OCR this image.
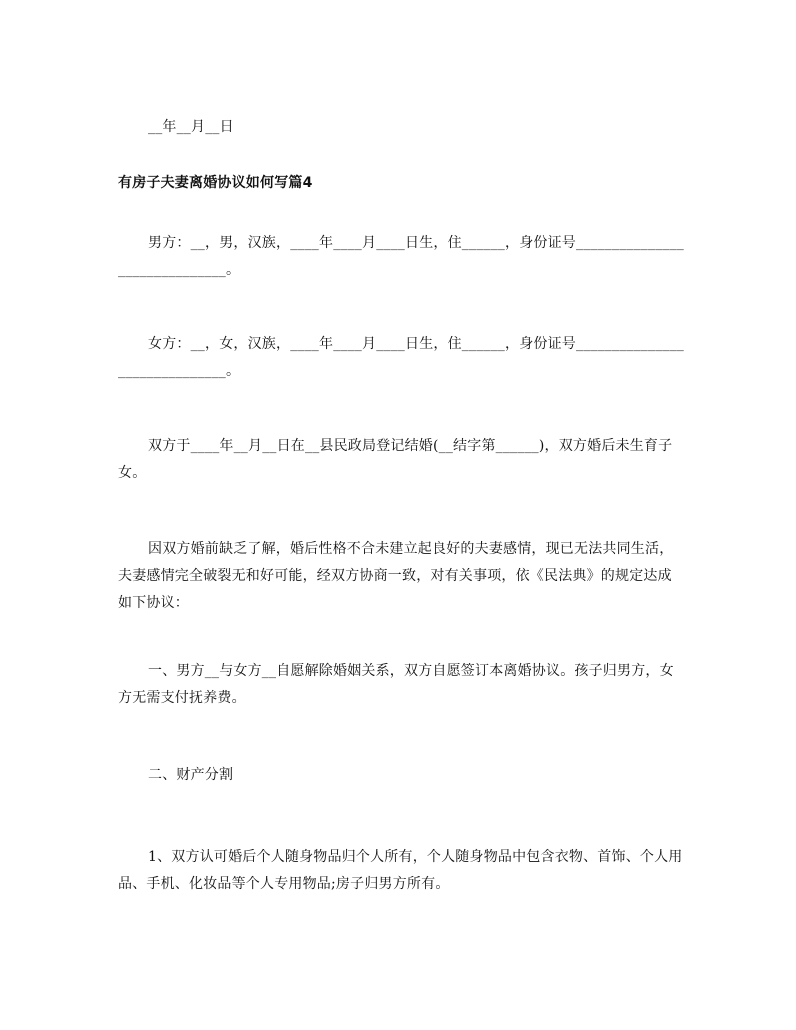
__年__月__日
有房子夫妻离婚协议如何写篇4
男方：__，男，汉族，____年____月____日生，住______，身份证号______________________________。
女方：__，女，汉族，____年____月____日生，住______，身份证号______________________________。
双方于____年__月__日在__县民政局登记结婚(__结字第______)，双方婚后未生育子女。
因双方婚前缺乏了解，婚后性格不合未建立起良好的夫妻感情，现已无法共同生活，夫妻感情完全破裂无和好可能，经双方协商一致，对有关事项，依《民法典》的规定达成如下协议：
一、男方__与女方__自愿解除婚姻关系，双方自愿签订本离婚协议。孩子归男方，女方无需支付抚养费。
二、财产分割
1、双方认可婚后个人随身物品归个人所有，个人随身物品中包含衣物、首饰、个人用品、手机、化妆品等个人专用物品;房子归男方所有。
